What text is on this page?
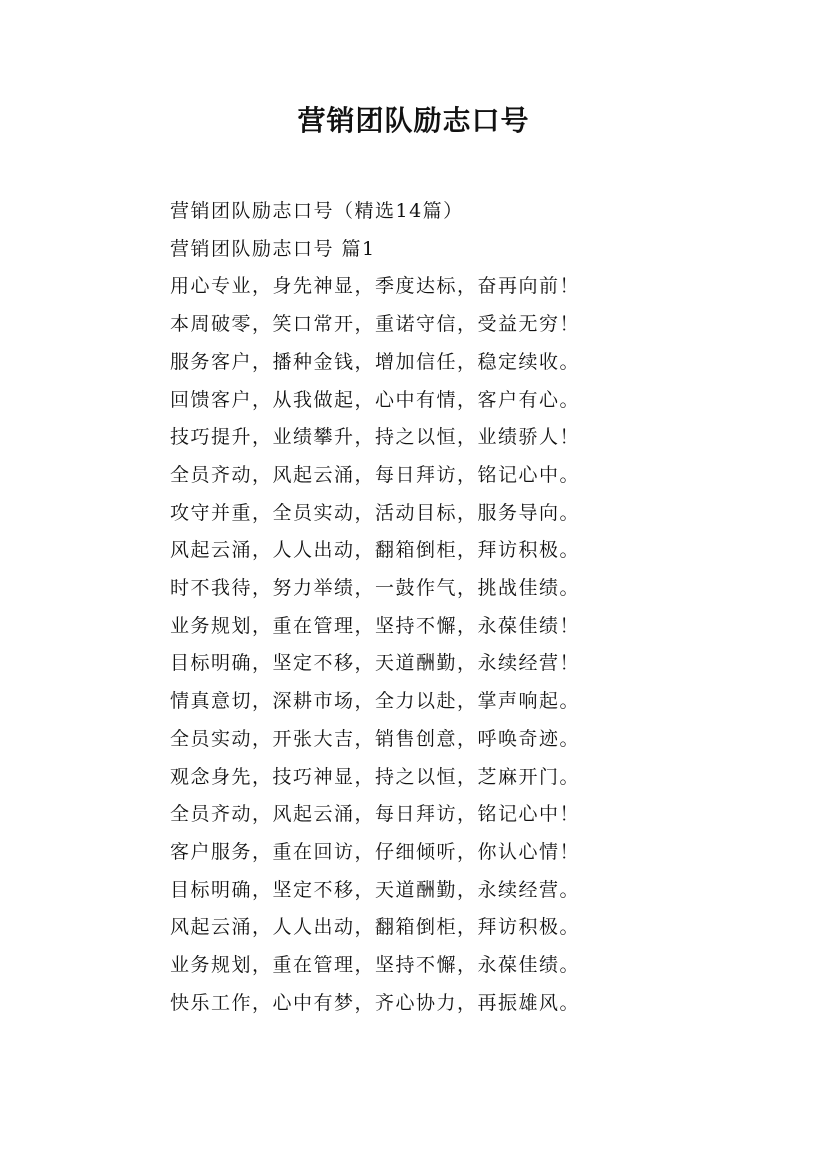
营销团队励志口号
营销团队励志口号（精选14篇）
营销团队励志口号 篇1
用心专业，身先神显，季度达标，奋再向前！
本周破零，笑口常开，重诺守信，受益无穷！
服务客户，播种金钱，增加信任，稳定续收。
回馈客户，从我做起，心中有情，客户有心。
技巧提升，业绩攀升，持之以恒，业绩骄人！
全员齐动，风起云涌，每日拜访，铭记心中。
攻守并重，全员实动，活动目标，服务导向。
风起云涌，人人出动，翻箱倒柜，拜访积极。
时不我待，努力举绩，一鼓作气，挑战佳绩。
业务规划，重在管理，坚持不懈，永葆佳绩！
目标明确，坚定不移，天道酬勤，永续经营！
情真意切，深耕市场，全力以赴，掌声响起。
全员实动，开张大吉，销售创意，呼唤奇迹。
观念身先，技巧神显，持之以恒，芝麻开门。
全员齐动，风起云涌，每日拜访，铭记心中！
客户服务，重在回访，仔细倾听，你认心情！
目标明确，坚定不移，天道酬勤，永续经营。
风起云涌，人人出动，翻箱倒柜，拜访积极。
业务规划，重在管理，坚持不懈，永葆佳绩。
快乐工作，心中有梦，齐心协力，再振雄风。
